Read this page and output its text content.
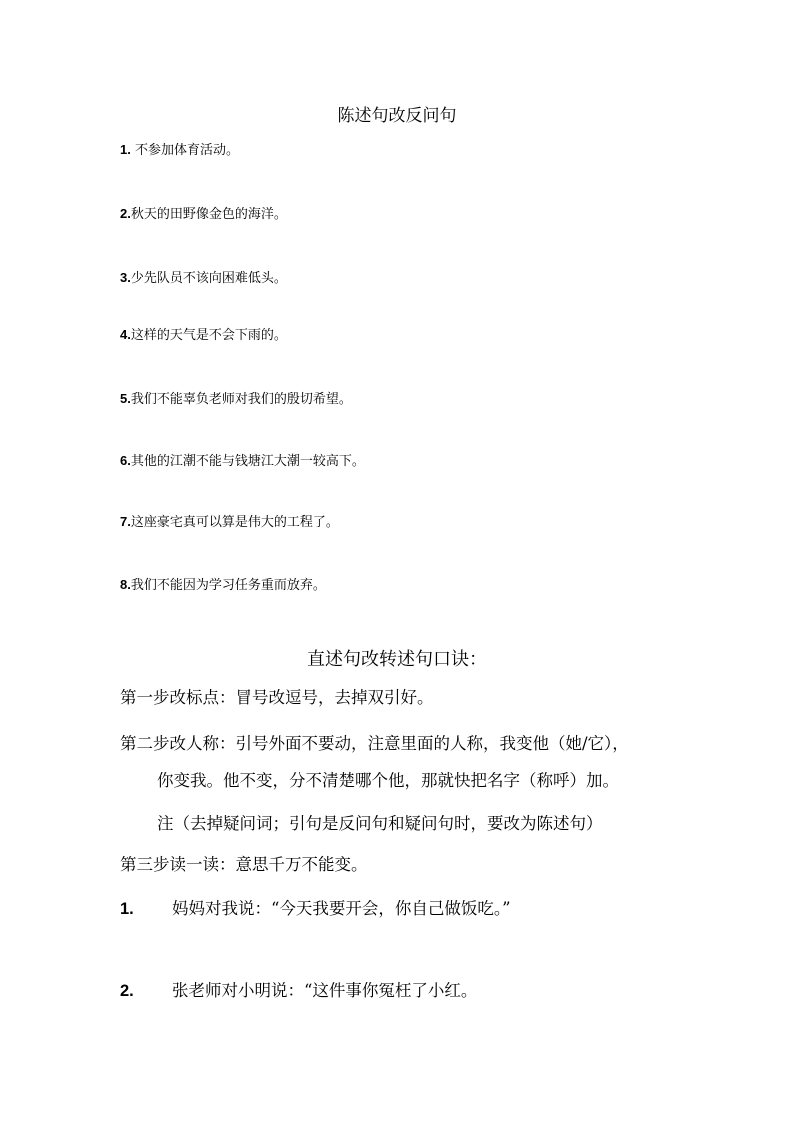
陈述句改反问句
1. 不参加体育活动。
2.秋天的田野像金色的海洋。
3.少先队员不该向困难低头。
4.这样的天气是不会下雨的。
5.我们不能辜负老师对我们的殷切希望。
6.其他的江潮不能与钱塘江大潮一较高下。
7.这座豪宅真可以算是伟大的工程了。
8.我们不能因为学习任务重而放弃。
直述句改转述句口诀：
第一步改标点：冒号改逗号，去掉双引好。
第二步改人称：引号外面不要动，注意里面的人称，我变他（她/它），
你变我。他不变，分不清楚哪个他，那就快把名字（称呼）加。
注（去掉疑问词；引句是反问句和疑问句时，要改为陈述句）
第三步读一读：意思千万不能变。
1. 妈妈对我说：“今天我要开会，你自己做饭吃。”
2. 张老师对小明说：“这件事你冤枉了小红。
